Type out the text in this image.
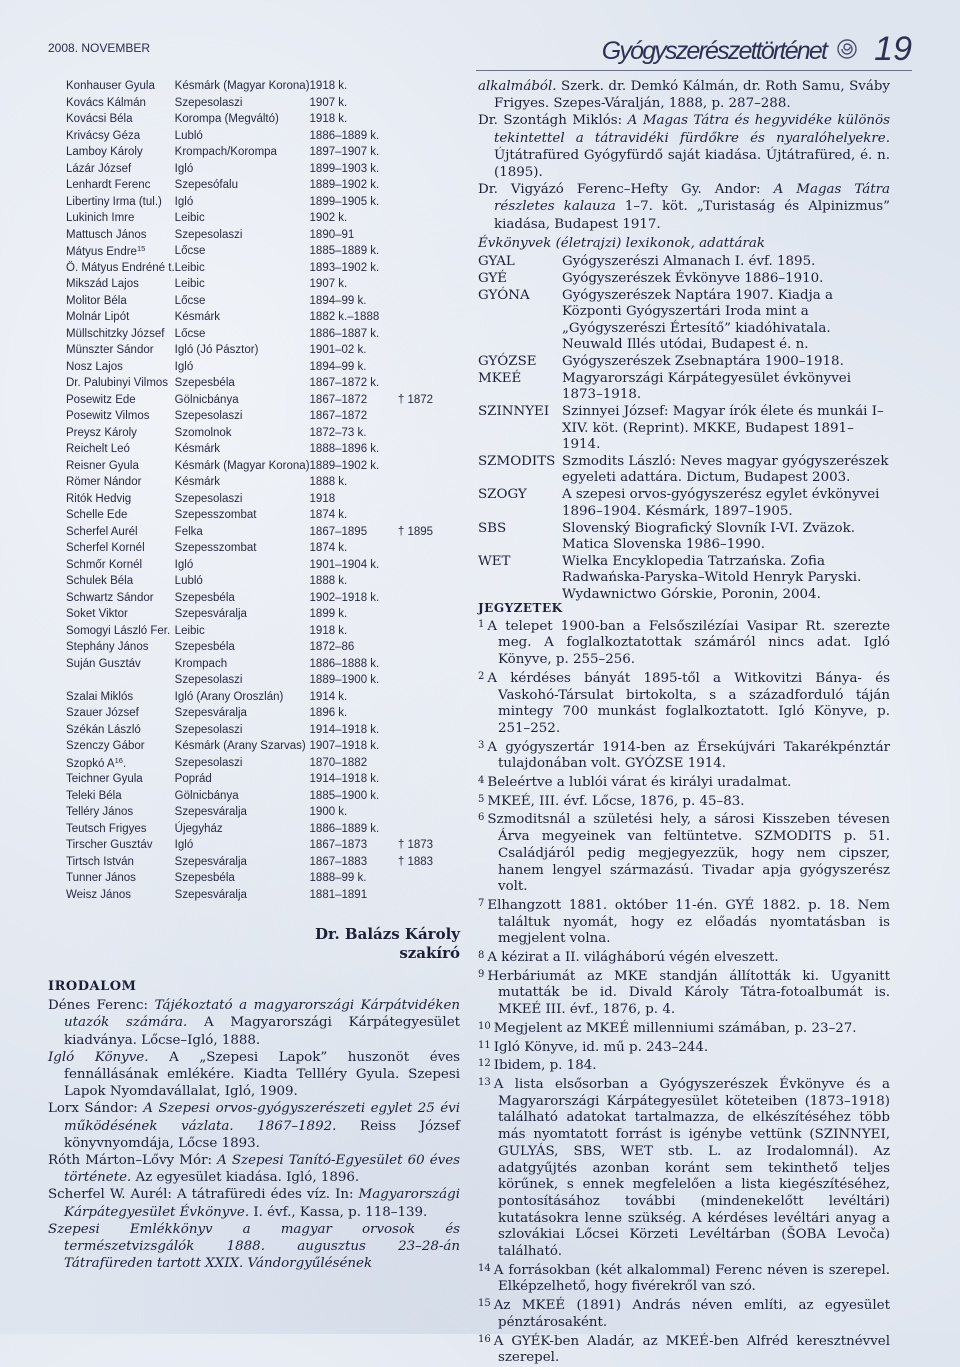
2008. NOVEMBER	Gyógyszerészettörténet 19
Konhauser Gyula	Késmárk (Magyar Korona)	1918 k.	
Kovács Kálmán	Szepesolaszi	1907 k.	
Kovácsi Béla	Korompa (Megváltó)	1918 k.	
Krivácsy Géza	Lubló	1886–1889 k.	
Lamboy Károly	Krompach/Korompa	1897–1907 k.	
Lázár József	Igló	1899–1903 k.	
Lenhardt Ferenc	Szepesófalu	1889–1902 k.	
Libertiny Irma (tul.)	Igló	1899–1905 k.	
Lukinich Imre	Leibic	1902 k.	
Mattusch János	Szepesolaszi	1890–91	
Mátyus Endre$^{15}$	Lőcse	1885–1889 k.	
Ö. Mátyus Endréné t.	Leibic	1893–1902 k.	
Mikszád Lajos	Leibic	1907 k.	
Molitor Béla	Lőcse	1894–99 k.	
Molnár Lipót	Késmárk	1882 k.–1888	
Müllschitzky József	Lőcse	1886–1887 k.	
Münszter Sándor	Igló (Jó Pásztor)	1901–02 k.	
Nosz Lajos	Igló	1894–99 k.	
Dr. Palubinyi Vilmos	Szepesbéla	1867–1872 k.	
Posewitz Ede	Gölnicbánya	1867–1872	† 1872
Posewitz Vilmos	Szepesolaszi	1867–1872	
Preysz Károly	Szomolnok	1872–73 k.	
Reichelt Leó	Késmárk	1888–1896 k.	
Reisner Gyula	Késmárk (Magyar Korona)	1889–1902 k.	
Römer Nándor	Késmárk	1888 k.	
Ritók Hedvig	Szepesolaszi	1918	
Schelle Ede	Szepesszombat	1874 k.	
Scherfel Aurél	Felka	1867–1895	† 1895
Scherfel Kornél	Szepesszombat	1874 k.	
Schmőr Kornél	Igló	1901–1904 k.	
Schulek Béla	Lubló	1888 k.	
Schwartz Sándor	Szepesbéla	1902–1918 k.	
Soket Viktor	Szepesváralja	1899 k.	
Somogyi László Fer.	Leibic	1918 k.	
Stephány János	Szepesbéla	1872–86	
Suján Gusztáv	Krompach	1886–1888 k.	
	Szepesolaszi	1889–1900 k.	
Szalai Miklós	Igló (Arany Oroszlán)	1914 k.	
Szauer József	Szepesváralja	1896 k.	
Székán László	Szepesolaszi	1914–1918 k.	
Szenczy Gábor	Késmárk (Arany Szarvas)	1907–1918 k.	
Szopkó $A^{16}$.	Szepesolaszi	1870–1882	
Teichner Gyula	Poprád	1914–1918 k.	
Teleki Béla	Gölnicbánya	1885–1900 k.	
Telléry János	Szepesváralja	1900 k.	
Teutsch Frigyes	Újegyház	1886–1889 k.	
Tirscher Gusztáv	Igló	1867–1873	† 1873
Tirtsch István	Szepesváralja	1867–1883	† 1883
Tunner János	Szepesbéla	1888–99 k.	
Weisz János	Szepesváralja	1881–1891	
Dr. Balázs Károly
szakíró
IRODALOM

Dénes Ferenc: Tájékoztató a magyarországi Kárpátvidéken utazók számára. A Magyarországi Kárpátegyesület kiadványa. Lőcse–Igló, 1888.

Igló Könyve. A „Szepesi Lapok” huszonöt éves fennállásának emlékére. Kiadta Tellléry Gyula. Szepesi Lapok Nyomdavállalat, Igló, 1909.

Lorx Sándor: A Szepesi orvos-gyógyszerészeti egylet 25 évi működésének vázlata. 1867–1892. Reiss József könyvnyomdája, Lőcse 1893.

Róth Márton–Lővy Mór: A Szepesi Tanító-Egyesület 60 éves története. Az egyesület kiadása. Igló, 1896.

Scherfel W. Aurél: A tátrafüredi édes víz. In: Magyarországi Kárpátegyesület Évkönyve. I. évf., Kassa, p. 118–139.

Szepesi Emlékkönyv a magyar orvosok és természetvizsgálók 1888. augusztus 23–28-án Tátrafüreden tartott XXIX. Vándorgyűlésének

alkalmából. Szerk. dr. Demkó Kálmán, dr. Roth Samu, Sváby Frigyes. Szepes-Váralján, 1888, p. 287–288.

Dr. Szontágh Miklós: A Magas Tátra és hegyvidéke különös tekintettel a tátravidéki fürdőkre és nyaralóhelyekre. Újtátrafüred Gyógyfürdő saját kiadása. Újtátrafüred, é. n. (1895).

Dr. Vigyázó Ferenc–Hefty Gy. Andor: A Magas Tátra részletes kalauza 1–7. köt. „Turistaság és Alpinizmus” kiadása, Budapest 1917.

Évkönyvek (életrajzi) lexikonok, adattárak
GYAL	Gyógyszerészi Almanach I. évf. 1895.
GYÉ	Gyógyszerészek Évkönyve 1886–1910.
GYÓNA	Gyógyszerészek Naptára 1907. Kiadja a Központi Gyógyszertári Iroda mint a „Gyógyszerészi Értesítő” kiadóhivatala. Neuwald Illés utódai, Budapest é. n.
GYÓZSE	Gyógyszerészek Zsebnaptára 1900–1918.
MKEÉ	Magyarországi Kárpátegyesület évkönyvei 1873–1918.
SZINNYEI	Szinnyei József: Magyar írók élete és munkái I–XIV. köt. (Reprint). MKKE, Budapest 1891–1914.
SZMODITS	Szmodits László: Neves magyar gyógyszerészek egyeleti adattára. Dictum, Budapest 2003.
SZOGY	A szepesi orvos-gyógyszerész egylet évkönyvei 1896–1904. Késmárk, 1897–1905.
SBS	Slovenský Biografický Slovník I-VI. Zväzok. Matica Slovenska 1986–1990.
WET	Wielka Encyklopedia Tatrzańska. Zofia Radwańska-Paryska–Witold Henryk Paryski. Wydawnictwo Górskie, Poronin, 2004.
JEGYZETEK

$^1$ A telepet 1900-ban a Felsőszilézíai Vasipar Rt. szerezte meg. A foglalkoztatottak számáról nincs adat. Igló Könyve, p. 255–256.

$^2$ A kérdéses bányát 1895-től a Witkovitzi Bánya- és Vaskohó-Társulat birtokolta, s a századforduló táján mintegy 700 munkást foglalkoztatott. Igló Könyve, p. 251–252.

$^3$ A gyógyszertár 1914-ben az Érsekújvári Takarékpénztár tulajdonában volt. GYÓZSE 1914.

$^4$ Beleértve a lublói várat és királyi uradalmat.

$^5$ MKEÉ, III. évf. Lőcse, 1876, p. 45–83.

$^6$ Szmoditsnál a születési hely, a sárosi Kisszeben tévesen Árva megyeinek van feltüntetve. SZMODITS p. 51. Családjáról pedig megjegyezzük, hogy nem cipszer, hanem lengyel származású. Tivadar apja gyógyszerész volt.

$^7$ Elhangzott 1881. október 11-én. GYÉ 1882. p. 18. Nem találtuk nyomát, hogy ez előadás nyomtatásban is megjelent volna.

$^8$ A kézirat a II. világháború végén elveszett.

$^9$ Herbáriumát az MKE standján állították ki. Ugyanitt mutatták be id. Divald Károly Tátra-fotoalbumát is. MKEÉ III. évf., 1876, p. 4.

$^{10}$ Megjelent az MKEÉ millenniumi számában, p. 23–27.

$^{11}$ Igló Könyve, id. mű p. 243–244.

$^{12}$ Ibidem, p. 184.

$^{13}$ A lista elsősorban a Gyógyszerészek Évkönyve és a Magyarországi Kárpátegyesület köteteiben (1873–1918) található adatokat tartalmazza, de elkészítéséhez több más nyomtatott forrást is igénybe vettünk (SZINNYEI, GULYÁS, SBS, WET stb. L. az Irodalomnál). Az adatgyűjtés azonban koránt sem tekinthető teljes körűnek, s ennek megfelelően a lista kiegészítéséhez, pontosításához további (mindenekelőtt levéltári) kutatásokra lenne szükség. A kérdéses levéltári anyag a szlovákiai Lőcsei Körzeti Levéltárban (ŠOBA Levoča) található.

$^{14}$ A forrásokban (két alkalommal) Ferenc néven is szerepel. Elképzelhető, hogy fivérekről van szó.

$^{15}$ Az MKEÉ (1891) András néven említi, az egyesület pénztárosaként.

$^{16}$ A GYÉK-ben Aladár, az MKEÉ-ben Alfréd keresztnévvel szerepel.
